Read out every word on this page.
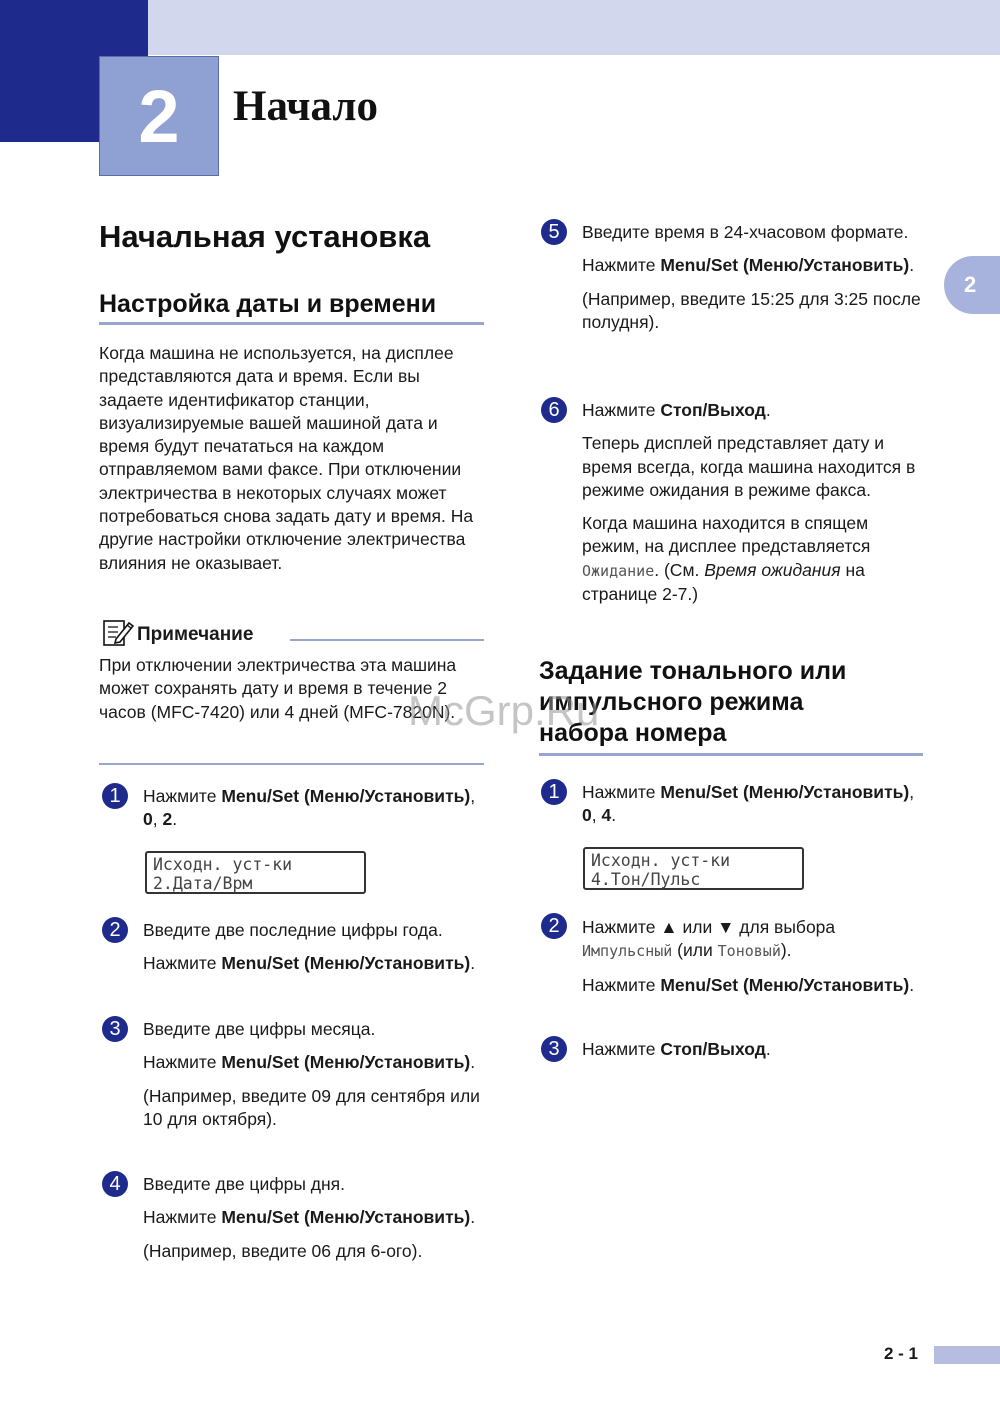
2	Начало
2
Начальная установка
Настройка даты и времени

Когда машина не используется, на дисплее представляются дата и время. Если вы задаете идентификатор станции, визуализируемые вашей машиной дата и время будут печататься на каждом отправляемом вами факсе. При отключении электричества в некоторых случаях может потребоваться снова задать дату и время. На другие настройки отключение электричества влияния не оказывает.

Примечание

При отключении электричества эта машина может сохранять дату и время в течение 2 часов (MFC-7420) или 4 дней (MFC-7820N).

1	Нажмите Menu/Set (Меню/Установить), 0, 2.

Исходн. уст-ки
2.Дата/Врм
2	Введите две последние цифры года.

Нажмите Menu/Set (Меню/Установить).

3	Введите две цифры месяца.

Нажмите Menu/Set (Меню/Установить).

(Например, введите 09 для сентября или 10 для октября).

4	Введите две цифры дня.

Нажмите Menu/Set (Меню/Установить).

(Например, введите 06 для 6-ого).

5	Введите время в 24-хчасовом формате.

Нажмите Menu/Set (Меню/Установить).

(Например, введите 15:25 для 3:25 после полудня).

6	Нажмите Стоп/Выход.

Теперь дисплей представляет дату и время всегда, когда машина находится в режиме ожидания в режиме факса.

Когда машина находится в спящем режим, на дисплее представляется Ожидание. (См. Время ожидания на странице 2-7.)

Задание тонального или
импульсного режима
набора номера
McGrp.Ru
1	Нажмите Menu/Set (Меню/Установить), 0, 4.

Исходн. уст-ки
4.Тон/Пульс
2	Нажмите ▲ или ▼ для выбора
Импульсный (или Тоновый).

Нажмите Menu/Set (Меню/Установить).

3	Нажмите Стоп/Выход.

2 - 1
